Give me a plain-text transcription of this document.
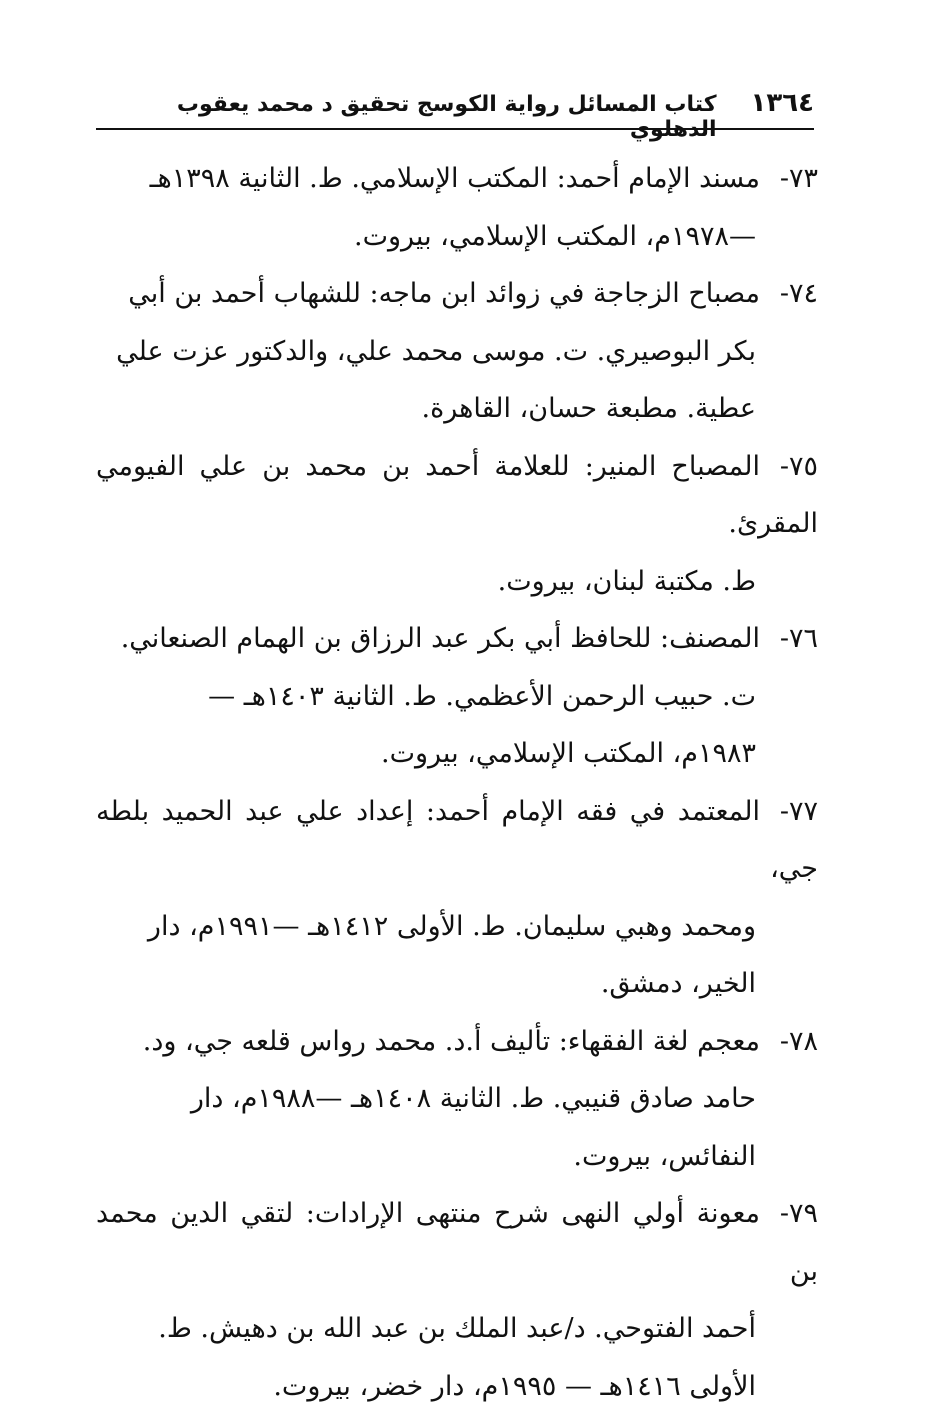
١٣٦٤
كتاب المسائل رواية الكوسج تحقيق د محمد يعقوب الدهلوي
٧٣-مسند الإمام أحمد: المكتب الإسلامي. ط. الثانية ١٣٩٨هـ
—١٩٧٨م، المكتب الإسلامي، بيروت.
٧٤-مصباح الزجاجة في زوائد ابن ماجه: للشهاب أحمد بن أبي
بكر البوصيري. ت. موسى محمد علي، والدكتور عزت علي
عطية. مطبعة حسان، القاهرة.
٧٥-المصباح المنير: للعلامة أحمد بن محمد بن علي الفيومي المقرئ.
ط. مكتبة لبنان، بيروت.
٧٦-المصنف: للحافظ أبي بكر عبد الرزاق بن الهمام الصنعاني.
ت. حبيب الرحمن الأعظمي. ط. الثانية ١٤٠٣هـ —
١٩٨٣م، المكتب الإسلامي، بيروت.
٧٧-المعتمد في فقه الإمام أحمد: إعداد علي عبد الحميد بلطه جي،
ومحمد وهبي سليمان. ط. الأولى ١٤١٢هـ —١٩٩١م، دار
الخير، دمشق.
٧٨-معجم لغة الفقهاء: تأليف أ.د. محمد رواس قلعه جي، ود.
حامد صادق قنيبي. ط. الثانية ١٤٠٨هـ —١٩٨٨م، دار
النفائس، بيروت.
٧٩-معونة أولي النهى شرح منتهى الإرادات: لتقي الدين محمد بن
أحمد الفتوحي. د/عبد الملك بن عبد الله بن دهيش. ط.
الأولى ١٤١٦هـ — ١٩٩٥م، دار خضر، بيروت.
